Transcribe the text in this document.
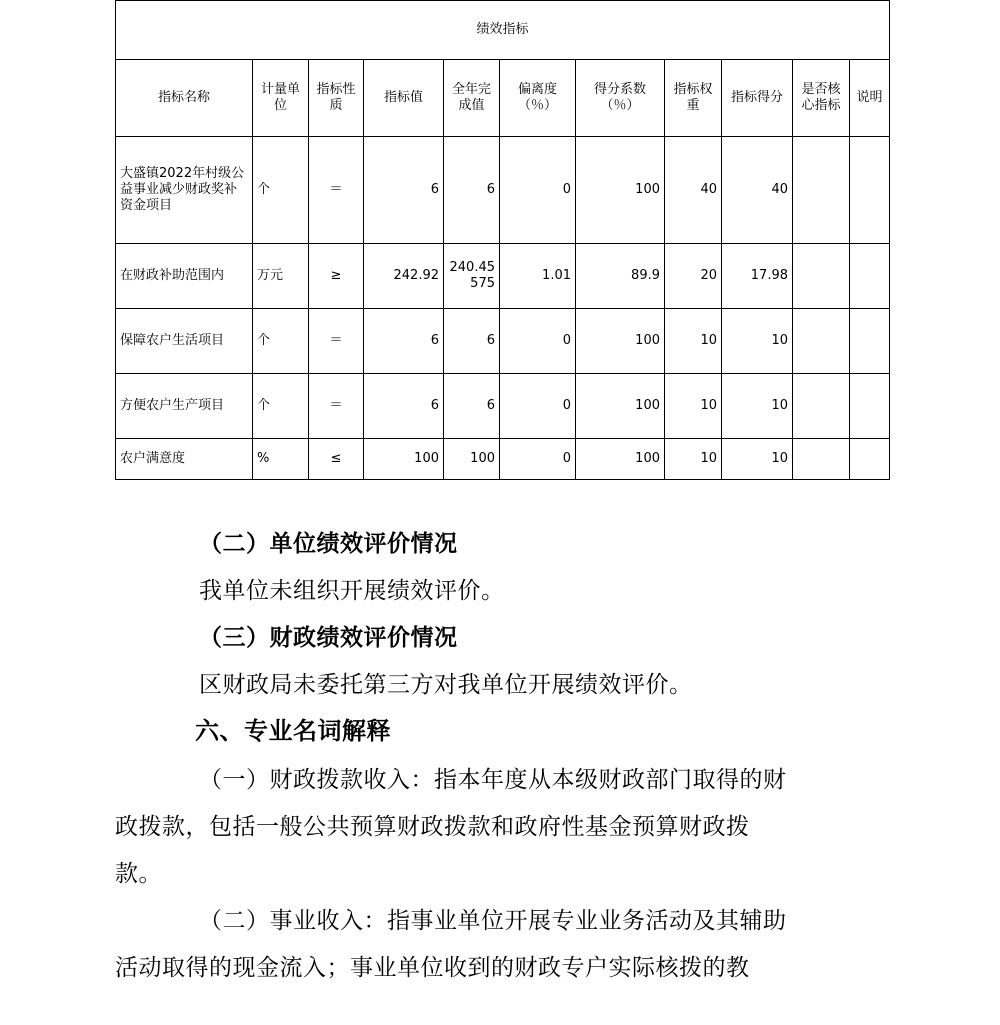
绩效指标										
指标名称	计量单位	指标性质	指标值	全年完成值	偏离度（％）	得分系数（％）	指标权重	指标得分	是否核心指标	说明
大盛镇2022年村级公益事业减少财政奖补资金项目	个	＝	6	6	0	100	40	40		
在财政补助范围内	万元	≥	242.92	240.45575	1.01	89.9	20	17.98		
保障农户生活项目	个	＝	6	6	0	100	10	10		
方便农户生产项目	个	＝	6	6	0	100	10	10		
农户满意度	%	≤	100	100	0	100	10	10		

（二）单位绩效评价情况

我单位未组织开展绩效评价。

（三）财政绩效评价情况

区财政局未委托第三方对我单位开展绩效评价。

六、专业名词解释

（一）财政拨款收入：指本年度从本级财政部门取得的财

政拨款，包括一般公共预算财政拨款和政府性基金预算财政拨

款。

（二）事业收入：指事业单位开展专业业务活动及其辅助

活动取得的现金流入；事业单位收到的财政专户实际核拨的教
